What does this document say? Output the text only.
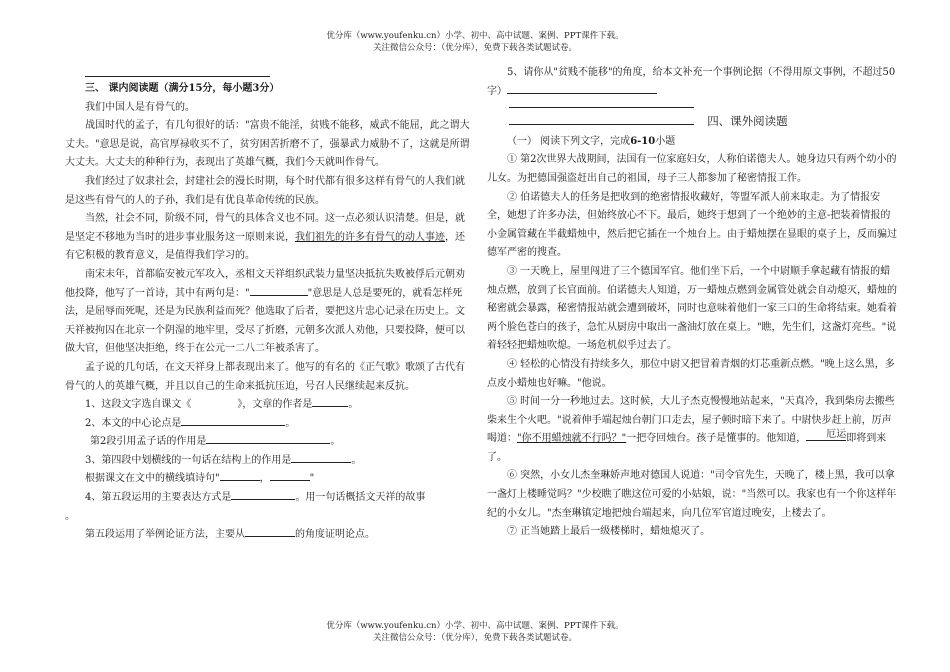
优分库（www.youfenku.cn）小学、初中、高中试题、案例、PPT课件下载。
关注微信公众号：（优分库），免费下载各类试题试卷。

三、 课内阅读题（满分15分，每小题3分）

我们中国人是有骨气的。

战国时代的孟子，有几句很好的话："富贵不能淫，贫贱不能移，威武不能屈，此之谓大丈夫。"意思是说，高官厚禄收买不了，贫穷困苦折磨不了，强暴武力威胁不了，这就是所谓大丈夫。大丈夫的种种行为，表现出了英雄气概，我们今天就叫作骨气。

我们经过了奴隶社会，封建社会的漫长时期，每个时代都有很多这样有骨气的人我们就是这些有骨气的人的子孙，我们是有优良革命传统的民族。

当然，社会不同，阶级不同，骨气的具体含义也不同。这一点必须认识清楚。但是，就是坚定不移地为当时的进步事业服务这一原则来说，我们祖先的许多有骨气的动人事迹，还有它积极的教育意义，是值得我们学习的。

南宋末年，首都临安被元军攻入，丞相文天祥组织武装力量坚决抵抗失败被俘后元朝劝他投降，他写了一首诗，其中有两句是："	"意思是人总是要死的，就看怎样死法，是屈辱而死呢，还是为民族利益而死？他选取了后者，要把这片忠心记录在历史上。文天祥被拘囚在北京一个阴湿的地牢里，受尽了折磨，元朝多次派人劝他，只要投降，便可以做大官，但他坚决拒绝，终于在公元一二八二年被杀害了。

孟子说的几句话，在文天祥身上都表现出来了。他写的有名的《正气歌》歌颂了古代有骨气的人的英雄气概，并且以自己的生命来抵抗压迫，号召人民继续起来反抗。

1、这段文字选自课文《	》，文章的作者是	。

2、本文的中心论点是	。

第2段引用孟子话的作用是	。

3、第四段中划横线的一句话在结构上的作用是	。

根据课文在文中的横线填诗句"	，	"

4、第五段运用的主要表达方式是	。用一句话概括文天祥的故事

。

第五段运用了举例论证方法，主要从	的角度证明论点。

5、请你从"贫贱不能移"的角度，给本文补充一个事例论据（不得用原文事例，不超过50字）

四、课外阅读题

（一） 阅读下列文字，完成6-10小题

① 第2次世界大战期间，法国有一位家庭妇女，人称伯诺德夫人。她身边只有两个幼小的儿女。为把德国强盗赶出自己的祖国，母子三人都参加了秘密情报工作。

② 伯诺德夫人的任务是把收到的绝密情报收藏好，等盟军派人前来取走。为了情报安全，她想了许多办法，但始终放心不下。最后，她终于想到了一个绝妙的主意-把装着情报的小金属管藏在半截蜡烛中，然后把它插在一个烛台上。由于蜡烛摆在显眼的桌子上，反而骗过德军严密的搜查。

③ 一天晚上，屋里闯进了三个德国军官。他们坐下后，一个中尉顺手拿起藏有情报的蜡烛点燃，放到了长官面前。伯诺德夫人知道，万一蜡烛点燃到金属管处就会自动熄灭，蜡烛的秘密就会暴露，秘密情报站就会遭到破坏，同时也意味着他们一家三口的生命将结束。她看着两个脸色苍白的孩子，急忙从厨房中取出一盏油灯放在桌上。"瞧，先生们，这盏灯亮些。"说着轻轻把蜡烛吹熄。一场危机似乎过去了。

④ 轻松的心情没有持续多久，那位中尉又把冒着青烟的灯芯重新点燃。"晚上这么黑，多点皮小蜡烛也好嘛。"他说。

⑤ 时间一分一秒地过去。这时候，大儿子杰克慢慢地站起来，"天真冷，我到柴房去搬些柴来生个火吧。"说着伸手端起烛台朝门口走去，屋子顿时暗下来了。中尉快步赶上前，厉声喝道："你不用蜡烛就不行吗？"一把夺回烛台。孩子是懂事的。他知道， 厄运即将到来了。

⑥ 突然，小女儿杰奎琳娇声地对德国人说道："司令官先生，天晚了，楼上黑，我可以拿一盏灯上楼睡觉吗？"少校瞧了瞧这位可爱的小姑娘，说："当然可以。我家也有一个你这样年纪的小女儿。"杰奎琳镇定地把烛台端起来，向几位军官道过晚安，上楼去了。

⑦ 正当她踏上最后一级楼梯时，蜡烛熄灭了。

优分库（www.youfenku.cn）小学、初中、高中试题、案例、PPT课件下载。
关注微信公众号：（优分库），免费下载各类试题试卷。
